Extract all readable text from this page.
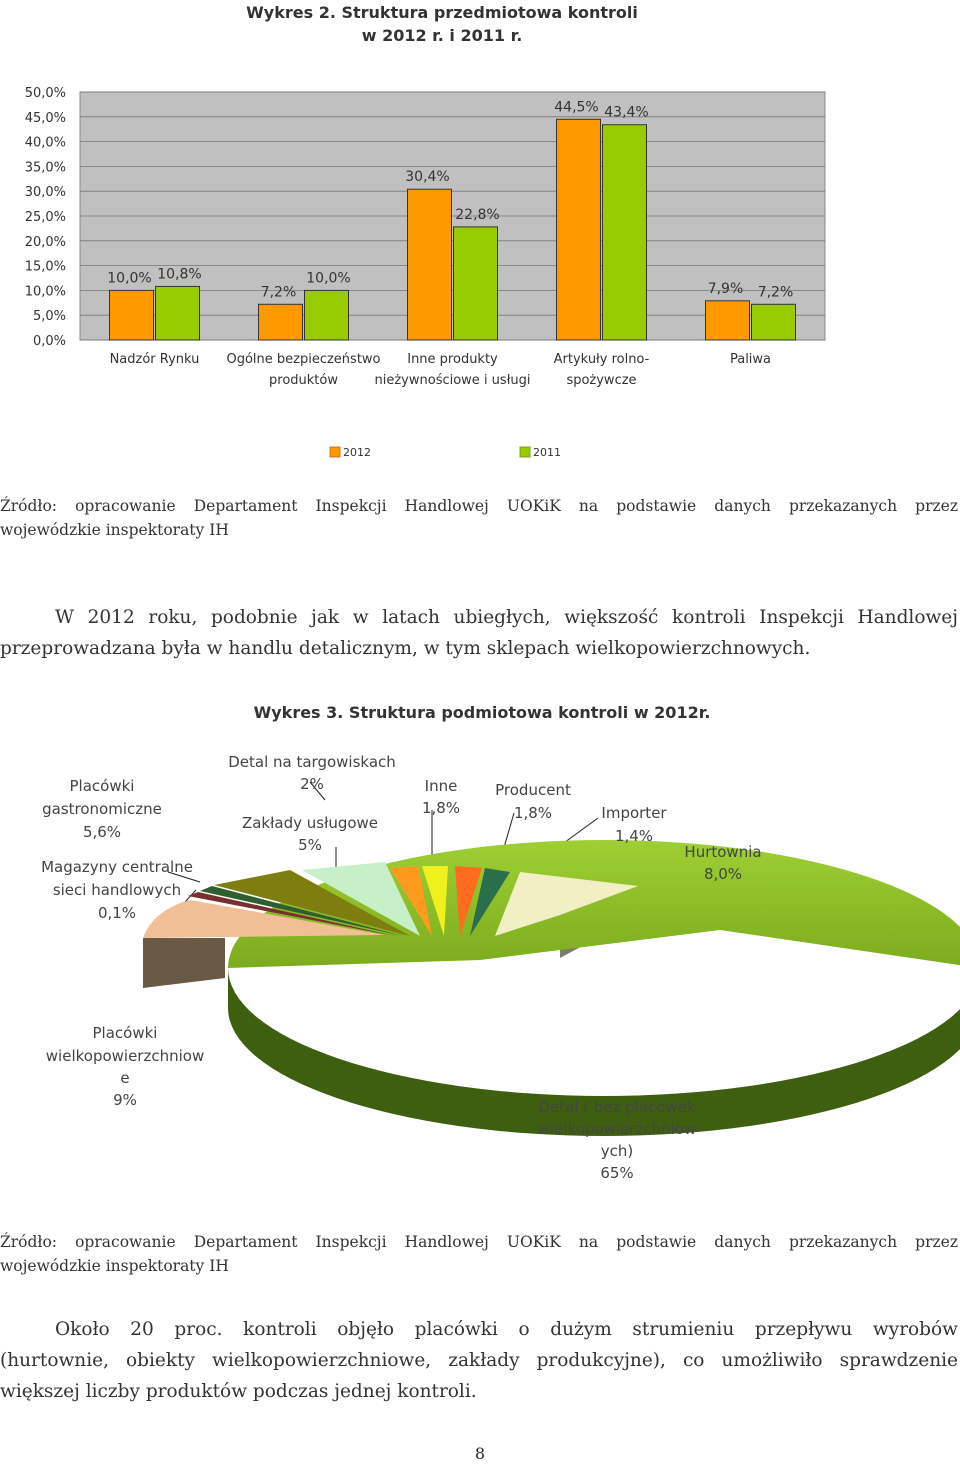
Wykres 2. Struktura przedmiotowa kontroli
w 2012 r. i 2011 r.
0,0%
5,0%
10,0%
15,0%
20,0%
25,0%
30,0%
35,0%
40,0%
45,0%
50,0%
10,0% 10,8%
7,2%
10,0%
30,4%
22,8%
44,5% 43,4%
7,9% 7,2%
Nadzór Rynku Ogólne bezpieczeństwo
produktów
Inne produkty
nieżywnościowe i usługi
Artykuły rolno-
spożywcze
Paliwa
2012	2011
Źródło: opracowanie Departament Inspekcji Handlowej UOKiK na podstawie danych przekazanych przez

wojewódzkie inspektoraty IH
W 2012 roku, podobnie jak w latach ubiegłych, większość kontroli Inspekcji Handlowej
przeprowadzana była w handlu detalicznym, w tym sklepach wielkopowierzchnowych.
Wykres 3. Struktura podmiotowa kontroli w 2012r.
Placówki
gastronomiczne
5,6%
Magazyny centralne
sieci handlowych
0,1%
Detal na targowiskach
2%
Zakłady usługowe
5%
Inne
1,8%
Producent
1,8%	Importer
1,4%
Hurtownia
8,0%
Placówki
wielkopowierzchniow
e
9%	Detal ( bez placówek
wielkopowierzchniow
ych)
65%
Źródło: opracowanie Departament Inspekcji Handlowej UOKiK na podstawie danych przekazanych przez

wojewódzkie inspektoraty IH
Około 20 proc. kontroli objęło placówki o dużym strumieniu przepływu wyrobów
(hurtownie, obiekty wielkopowierzchniowe, zakłady produkcyjne), co umożliwiło sprawdzenie
większej liczby produktów podczas jednej kontroli.
8
